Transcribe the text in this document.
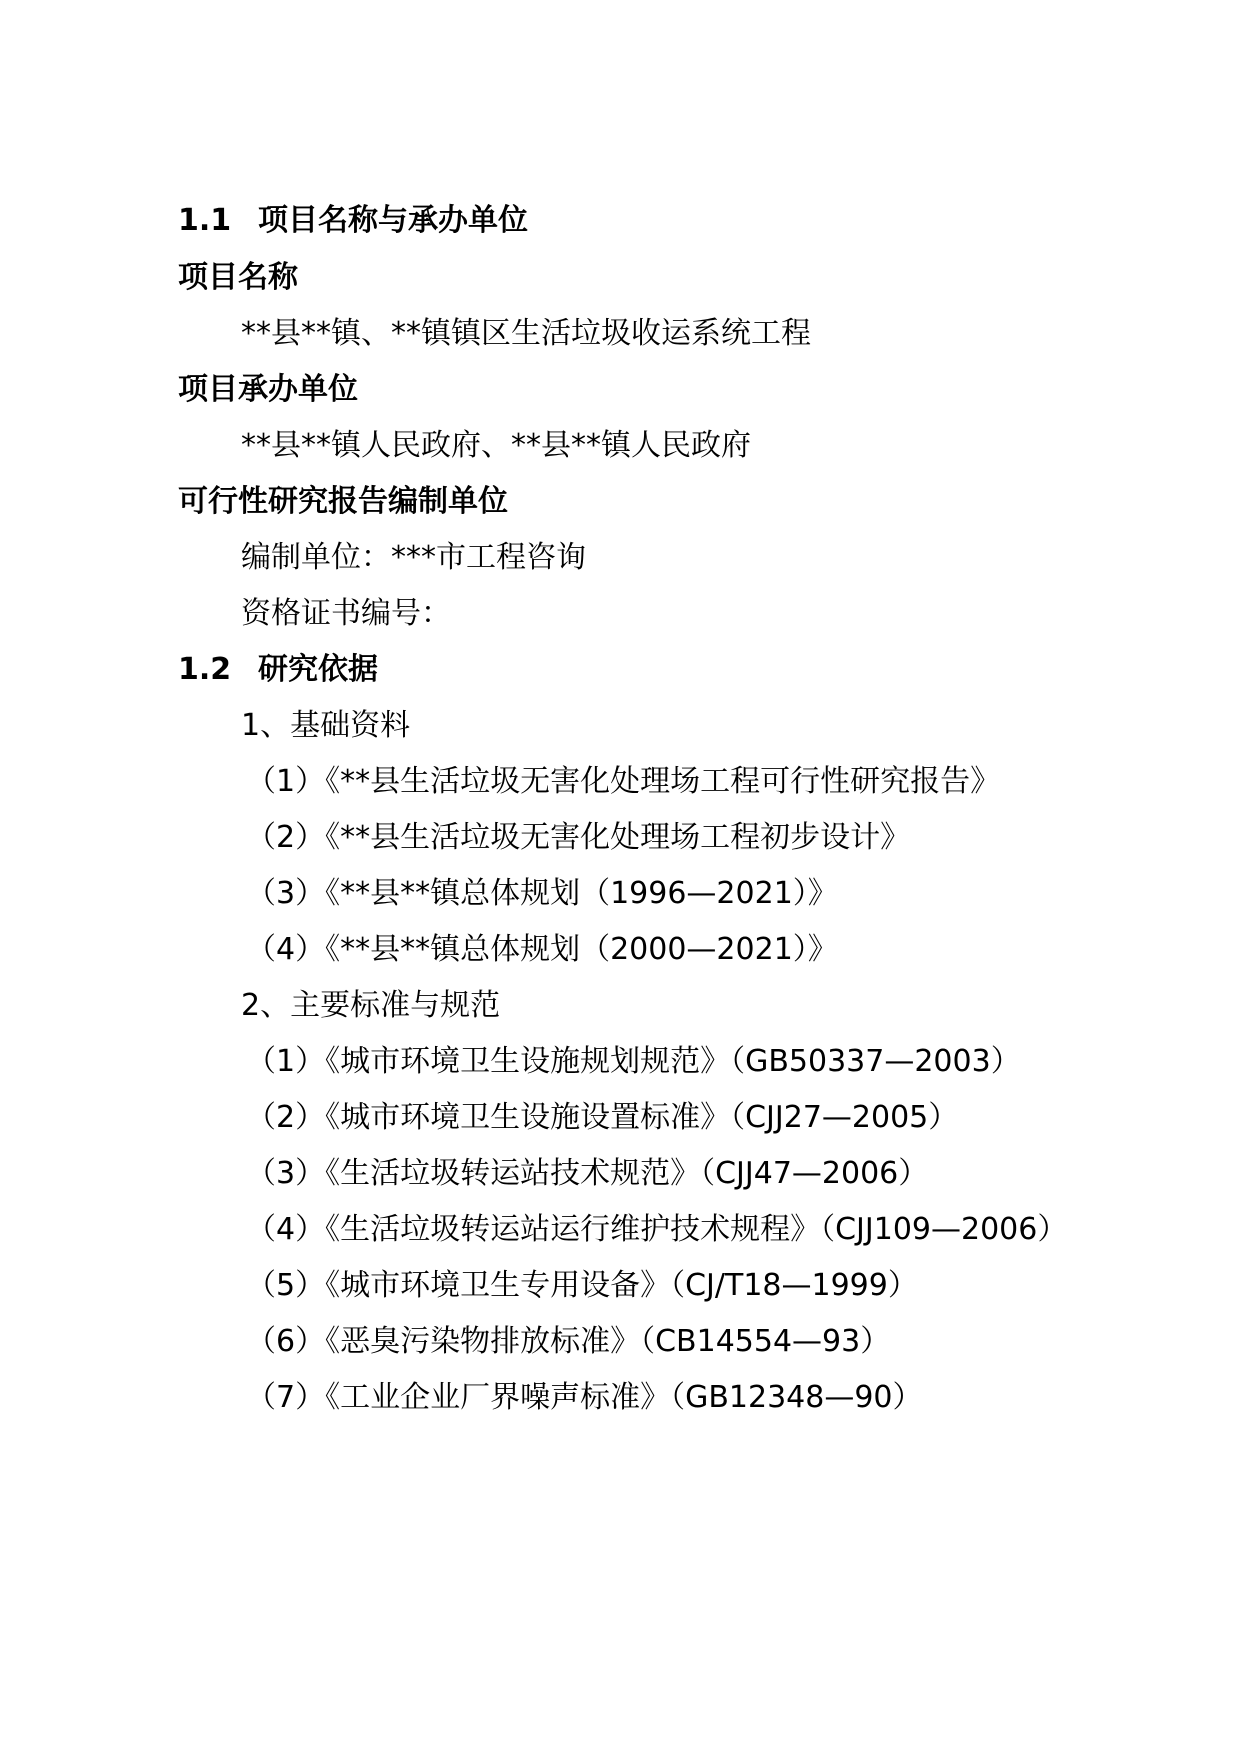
1.1 项目名称与承办单位
项目名称
**县**镇、**镇镇区生活垃圾收运系统工程
项目承办单位
**县**镇人民政府、**县**镇人民政府
可行性研究报告编制单位
编制单位：***市工程咨询
资格证书编号：
1.2 研究依据
1、基础资料
（1）《**县生活垃圾无害化处理场工程可行性研究报告》
（2）《**县生活垃圾无害化处理场工程初步设计》
（3）《**县**镇总体规划（1996—2021）》
（4）《**县**镇总体规划（2000—2021）》
2、主要标准与规范
（1）《城市环境卫生设施规划规范》（GB50337—2003）
（2）《城市环境卫生设施设置标准》（CJJ27—2005）
（3）《生活垃圾转运站技术规范》（CJJ47—2006）
（4）《生活垃圾转运站运行维护技术规程》（CJJ109—2006）
（5）《城市环境卫生专用设备》（CJ/T18—1999）
（6）《恶臭污染物排放标准》（CB14554—93）
（7）《工业企业厂界噪声标准》（GB12348—90）
